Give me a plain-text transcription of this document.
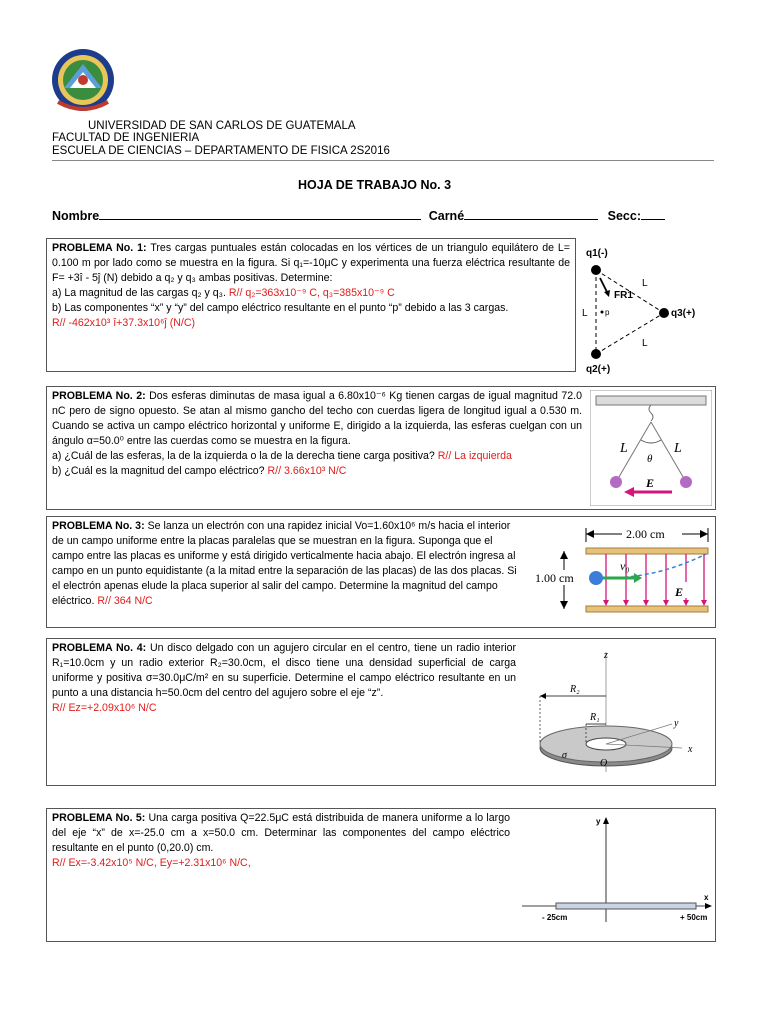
UNIVERSIDAD DE SAN CARLOS DE GUATEMALA
FACULTAD DE INGENIERIA
ESCUELA DE CIENCIAS – DEPARTAMENTO DE FISICA 2S2016
HOJA DE TRABAJO No. 3
Nombre	Carné	Secc:

PROBLEMA No. 1: Tres cargas puntuales están colocadas en los vértices de un triangulo equilátero de L= 0.100 m por lado como se muestra en la figura. Si q₁=-10μC y experimenta una fuerza eléctrica resultante de F= +3î - 5ĵ (N) debido a q₂ y q₃ ambas positivas. Determine:

a) La magnitud de las cargas q₂ y q₃. R// q₂=363x10⁻⁹ C, q₃=385x10⁻⁹ C

b) Las componentes “x” y “y” del campo eléctrico resultante en el punto “p” debido a las 3 cargas.

R// -462x10³ î+37.3x10⁶ĵ (N/C)

q1(-)
q2(+)
q3(+)
FR1
p
L
L
L

PROBLEMA No. 2: Dos esferas diminutas de masa igual a 6.80x10⁻⁶ Kg tienen cargas de igual magnitud 72.0 nC pero de signo opuesto. Se atan al mismo gancho del techo con cuerdas ligera de longitud igual a 0.530 m. Cuando se activa un campo eléctrico horizontal y uniforme E, dirigido a la izquierda, las esferas cuelgan con un ángulo α=50.0⁰ entre las cuerdas como se muestra en la figura.

a) ¿Cuál de las esferas, la de la izquierda o la de la derecha tiene carga positiva? R// La izquierda

b) ¿Cuál es la magnitud del campo eléctrico? R// 3.66x10³ N/C

L	L
θ
E

PROBLEMA No. 3: Se lanza un electrón con una rapidez inicial Vo=1.60x10⁶ m/s hacia el interior de un campo uniforme entre la placas paralelas que se muestran en la figura. Suponga que el campo entre las placas es uniforme y está dirigido verticalmente hacia abajo. El electrón ingresa al campo en un punto equidistante (a la mitad entre la separación de las placas) de las dos placas. Si el electrón apenas elude la placa superior al salir del campo. Determine la magnitud del campo eléctrico. R// 364 N/C

2.00 cm
1.00 cm
v₀
E

PROBLEMA No. 4: Un disco delgado con un agujero circular en el centro, tiene un radio interior R₁=10.0cm y un radio exterior R₂=30.0cm, el disco tiene una densidad superficial de carga uniforme y positiva σ=30.0μC/m² en su superficie. Determine el campo eléctrico resultante en un punto a una distancia h=50.0cm del centro del agujero sobre el eje “z”.

R// Ez=+2.09x10⁶ N/C

z
x
y
R₂
R₁
σ
O

PROBLEMA No. 5: Una carga positiva Q=22.5μC está distribuida de manera uniforme a lo largo del eje “x” de x=-25.0 cm a x=50.0 cm. Determinar las componentes del campo eléctrico resultante en el punto (0,20.0) cm.

R// Ex=-3.42x10⁵ N/C, Ey=+2.31x10⁶ N/C,

y
x
- 25cm	+ 50cm
